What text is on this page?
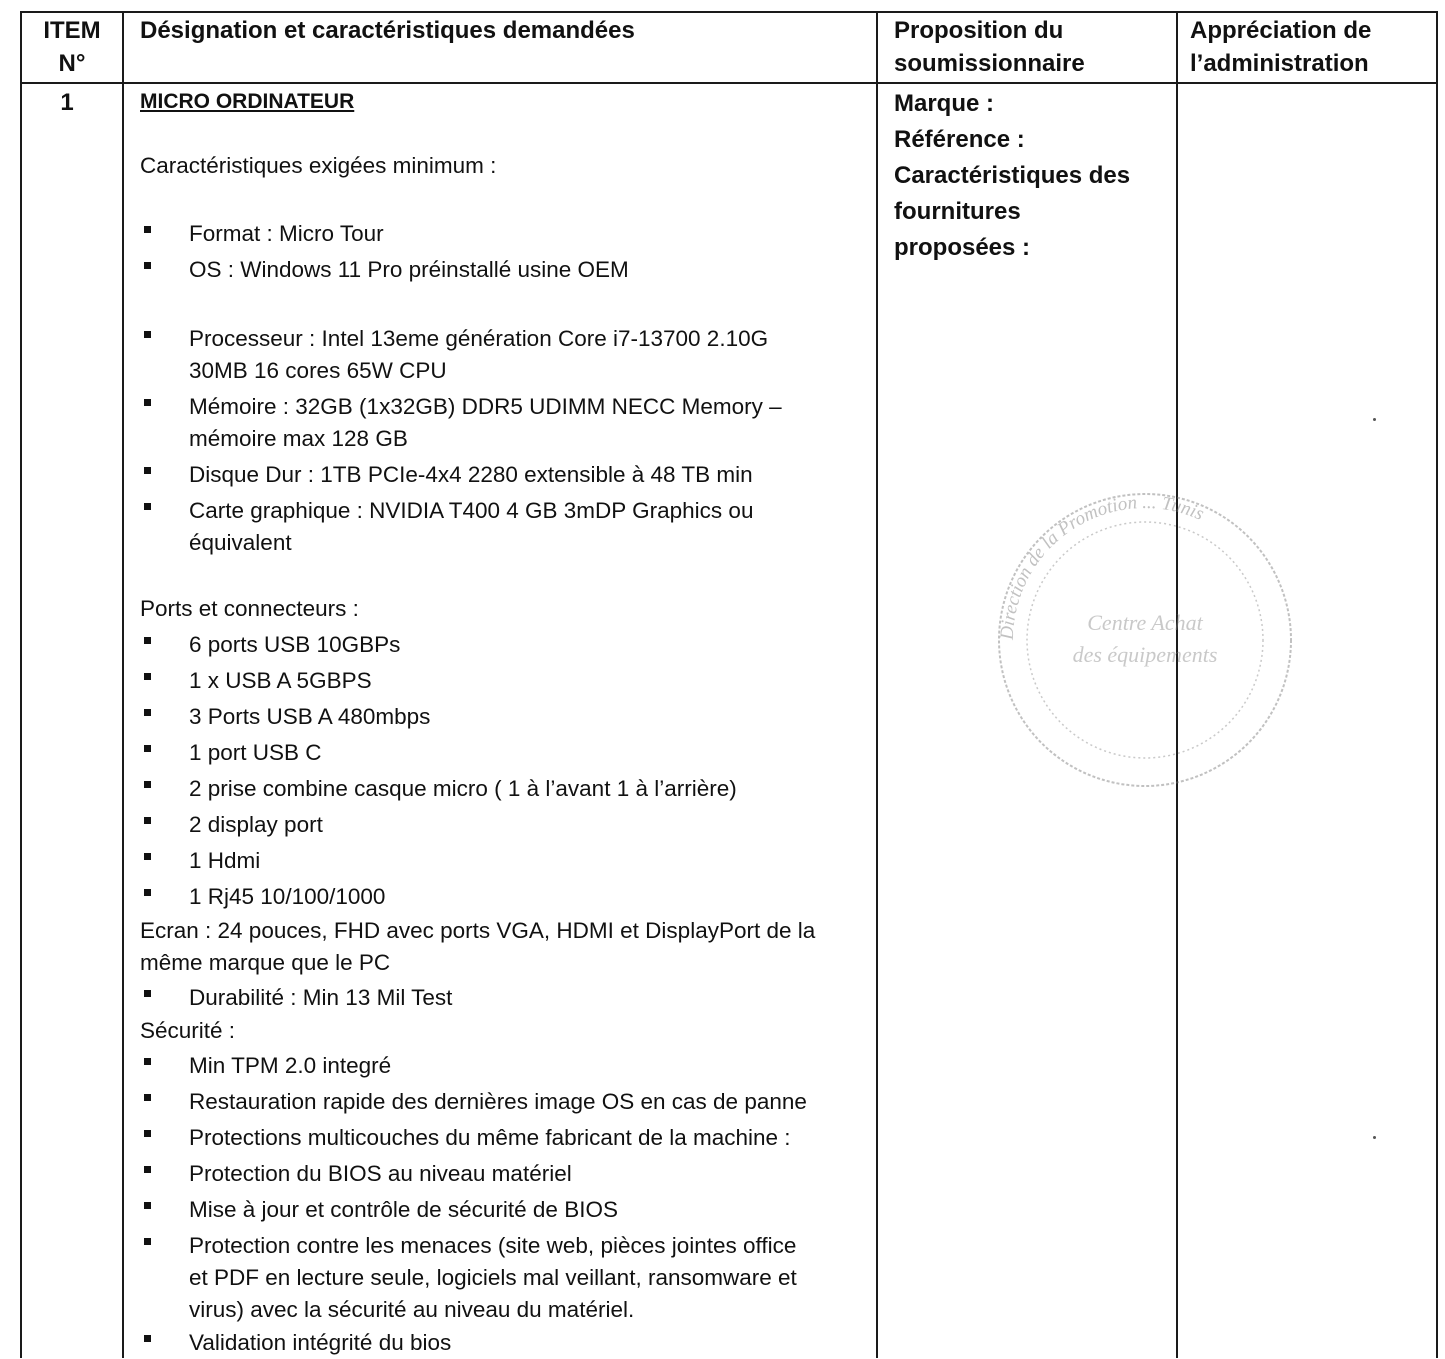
ITEM
N°
Désignation et caractéristiques demandées	Proposition du
soumissionnaire
Appréciation de
l’administration
1	MICRO ORDINATEUR
Caractéristiques exigées minimum :
Format : Micro Tour
OS : Windows 11 Pro préinstallé usine OEM
Processeur : Intel 13eme génération Core i7-13700 2.10G
30MB 16 cores 65W CPU
Mémoire : 32GB (1x32GB) DDR5 UDIMM NECC Memory –
mémoire max 128 GB
Disque Dur : 1TB PCIe-4x4 2280 extensible à 48 TB min
Carte graphique : NVIDIA T400 4 GB 3mDP Graphics ou
équivalent
Ports et connecteurs :
6 ports USB 10GBPs
1 x USB A 5GBPS
3 Ports USB A 480mbps
1 port USB C
2 prise combine casque micro ( 1 à l’avant 1 à l’arrière)
2 display port
1 Hdmi
1 Rj45 10/100/1000
Ecran : 24 pouces, FHD avec ports VGA, HDMI et DisplayPort de la
même marque que le PC
Durabilité : Min 13 Mil Test
Sécurité :
Min TPM 2.0 integré
Restauration rapide des dernières image OS en cas de panne
Protections multicouches du même fabricant de la machine :
Protection du BIOS au niveau matériel
Mise à jour et contrôle de sécurité de BIOS
Protection contre les menaces (site web, pièces jointes office
et PDF en lecture seule, logiciels mal veillant, ransomware et
virus) avec la sécurité au niveau du matériel.
Validation intégrité du bios
Marque :
Référence :
Caractéristiques des
fournitures
proposées :
Direction de la Promotion ... Tunis
Centre Achat
des équipements
